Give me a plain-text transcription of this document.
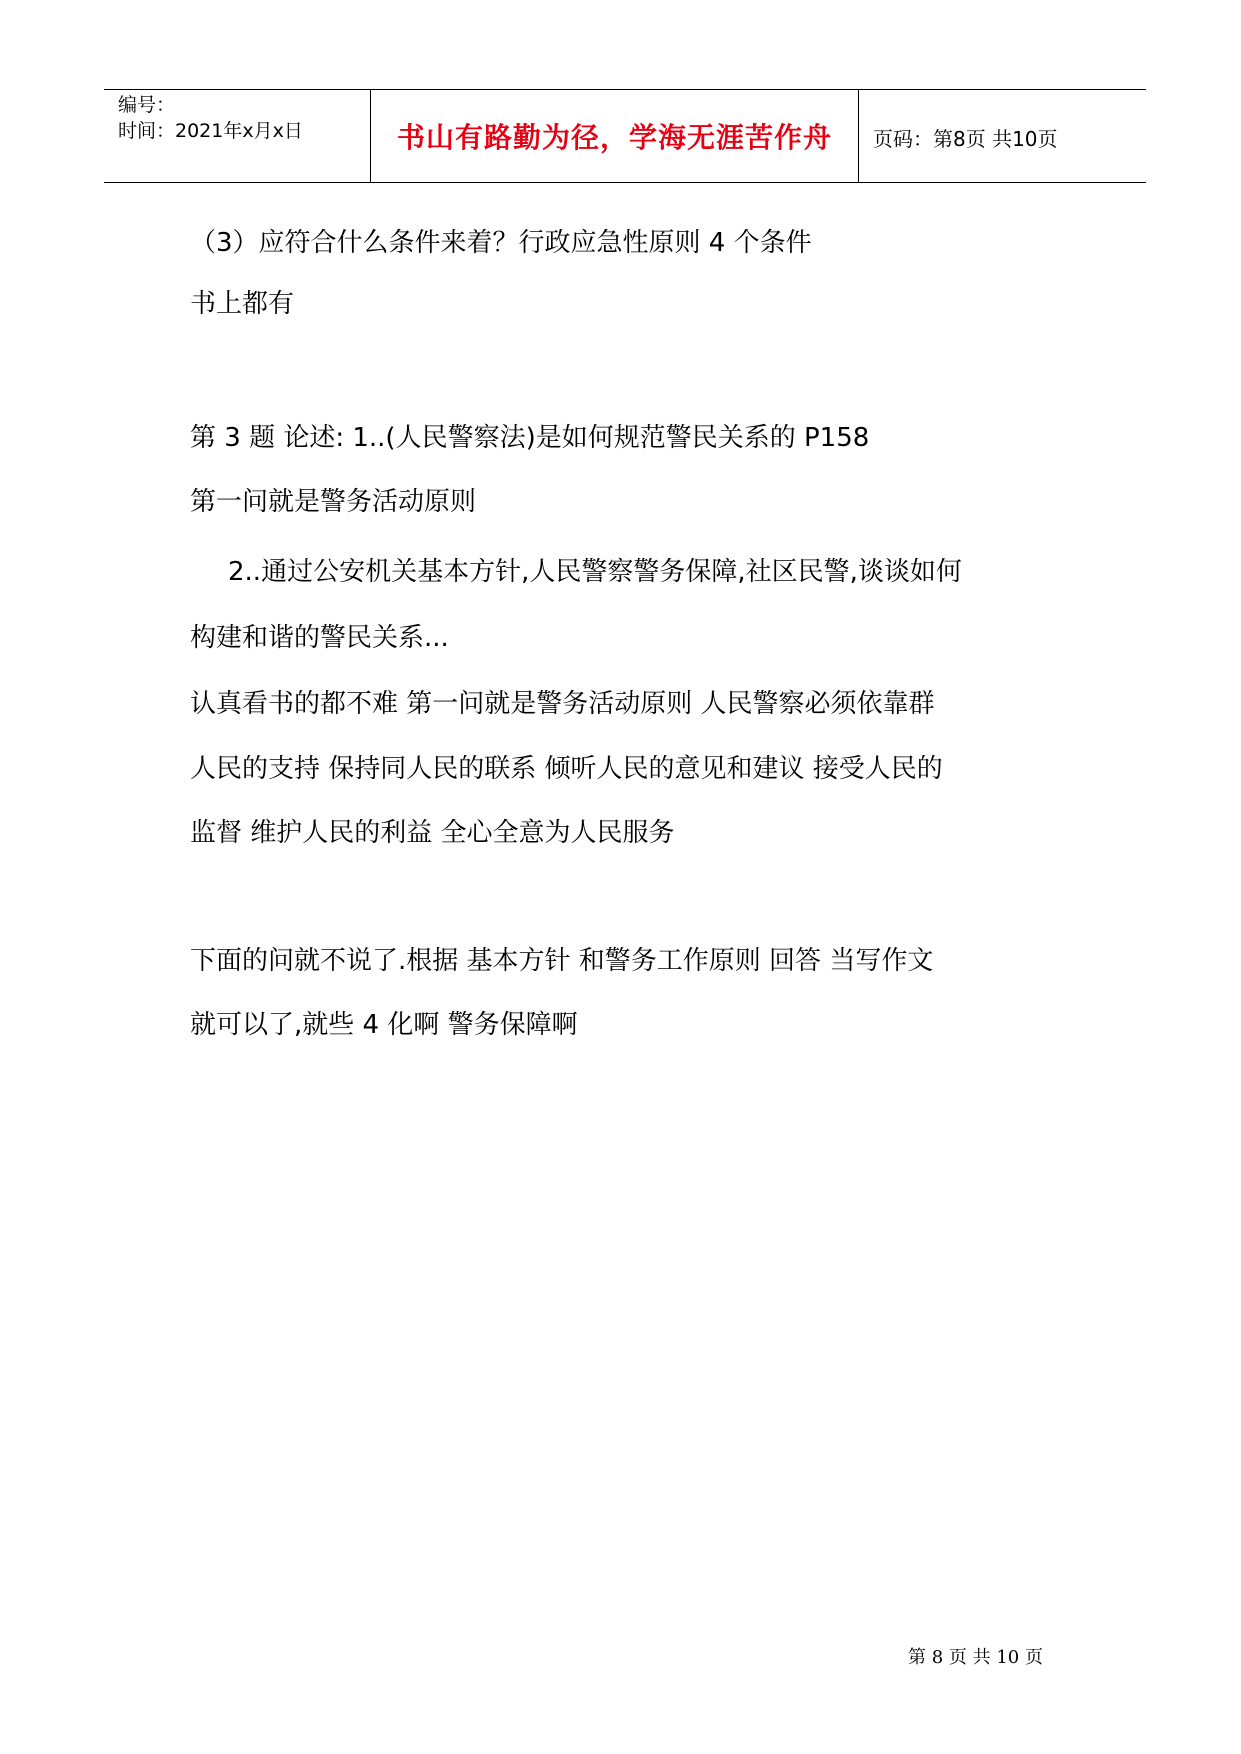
编号：
时间：2021年x月x日	书山有路勤为径，学海无涯苦作舟	页码：第8页 共10页
（3）应符合什么条件来着？行政应急性原则 4 个条件
书上都有
第 3 题 论述: 1..(人民警察法)是如何规范警民关系的 P158
第一问就是警务活动原则
2..通过公安机关基本方针,人民警察警务保障,社区民警,谈谈如何
构建和谐的警民关系...
认真看书的都不难 第一问就是警务活动原则 人民警察必须依靠群
人民的支持 保持同人民的联系 倾听人民的意见和建议 接受人民的
监督 维护人民的利益 全心全意为人民服务
下面的问就不说了.根据 基本方针 和警务工作原则 回答 当写作文
就可以了,就些 4 化啊 警务保障啊
第 8 页 共 10 页
